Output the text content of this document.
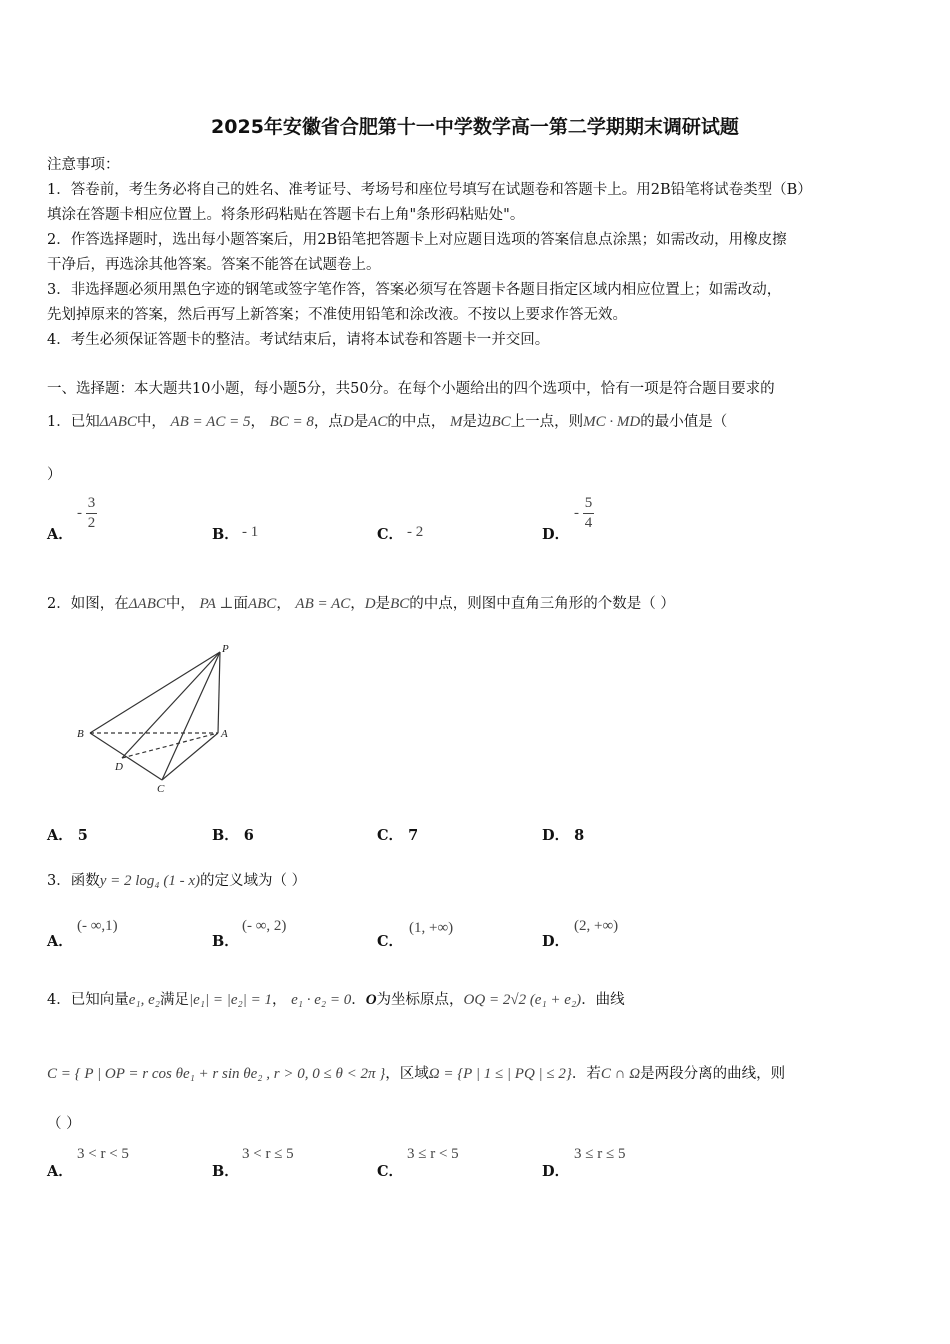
2025年安徽省合肥第十一中学数学高一第二学期期末调研试题
注意事项：
1．答卷前，考生务必将自己的姓名、准考证号、考场号和座位号填写在试题卷和答题卡上。用2B铅笔将试卷类型（B）
填涂在答题卡相应位置上。将条形码粘贴在答题卡右上角"条形码粘贴处"。
2．作答选择题时，选出每小题答案后，用2B铅笔把答题卡上对应题目选项的答案信息点涂黑；如需改动，用橡皮擦
干净后，再选涂其他答案。答案不能答在试题卷上。
3．非选择题必须用黑色字迹的钢笔或签字笔作答，答案必须写在答题卡各题目指定区域内相应位置上；如需改动，
先划掉原来的答案，然后再写上新答案；不准使用铅笔和涂改液。不按以上要求作答无效。
4．考生必须保证答题卡的整洁。考试结束后，请将本试卷和答题卡一并交回。
一、选择题：本大题共10小题，每小题5分，共50分。在每个小题给出的四个选项中，恰有一项是符合题目要求的
1．已知ΔABC中， AB = AC = 5， BC = 8，点D是AC的中点， M是边BC上一点，则MC · MD的最小值是（
）
A．
- $\frac{3}{2}$
B． - 1	C． - 2	D．
- $\frac{5}{4}$
2．如图，在ΔABC中， PA ⊥面ABC， AB = AC，D是BC的中点，则图中直角三角形的个数是（ ）
P
A
B
C
D
A． 5	B． 6	C． 7	D． 8
3．函数y = 2 log₄ (1 - x)的定义域为（ ）
A．
(- ∞,1)
B．
(- ∞, 2)
C．
(1, +∞)
D．
(2, +∞)
4．已知向量e₁, e₂满足|e₁| = |e₂| = 1， e₁ · e₂ = 0．O为坐标原点，OQ = 2√2 (e₁ + e₂)．曲线
C = { P | OP = r cos θe₁ + r sin θe₂ , r > 0, 0 ≤ θ < 2π }，区域Ω = {P | 1 ≤ | PQ | ≤ 2}．若C ∩ Ω是两段分离的曲线，则
（ ）
A．
3 < r < 5
B．
3 < r ≤ 5
C．
3 ≤ r < 5
D．
3 ≤ r ≤ 5
